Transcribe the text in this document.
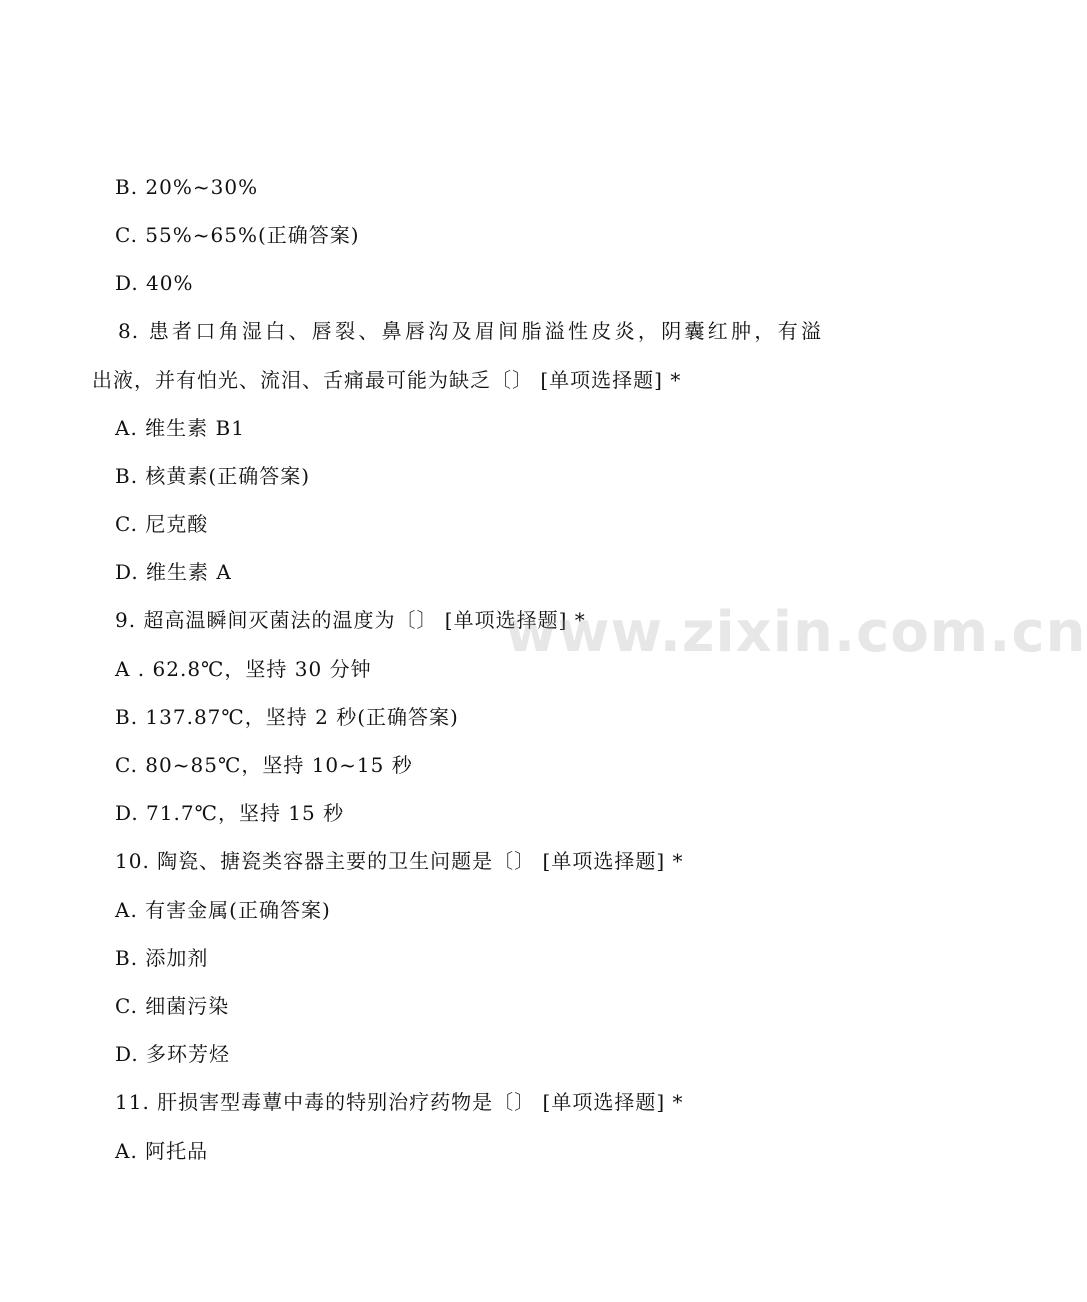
B. 20%~30%
C. 55%~65%(正确答案)
D. 40%
8. 患者口角湿白、唇裂、鼻唇沟及眉间脂溢性皮炎，阴囊红肿，有溢
出液，并有怕光、流泪、舌痛最可能为缺乏〔〕 [单项选择题] *
A. 维生素 B1
B. 核黄素(正确答案)
C. 尼克酸
D. 维生素 A
9. 超高温瞬间灭菌法的温度为〔〕 [单项选择题] *
A . 62.8℃，坚持 30 分钟
B. 137.87℃，坚持 2 秒(正确答案)
C. 80~85℃，坚持 10~15 秒
D. 71.7℃，坚持 15 秒
10. 陶瓷、搪瓷类容器主要的卫生问题是〔〕 [单项选择题] *
A. 有害金属(正确答案)
B. 添加剂
C. 细菌污染
D. 多环芳烃
11. 肝损害型毒蕈中毒的特别治疗药物是〔〕 [单项选择题] *
A. 阿托品
www.zixin.com.cn
